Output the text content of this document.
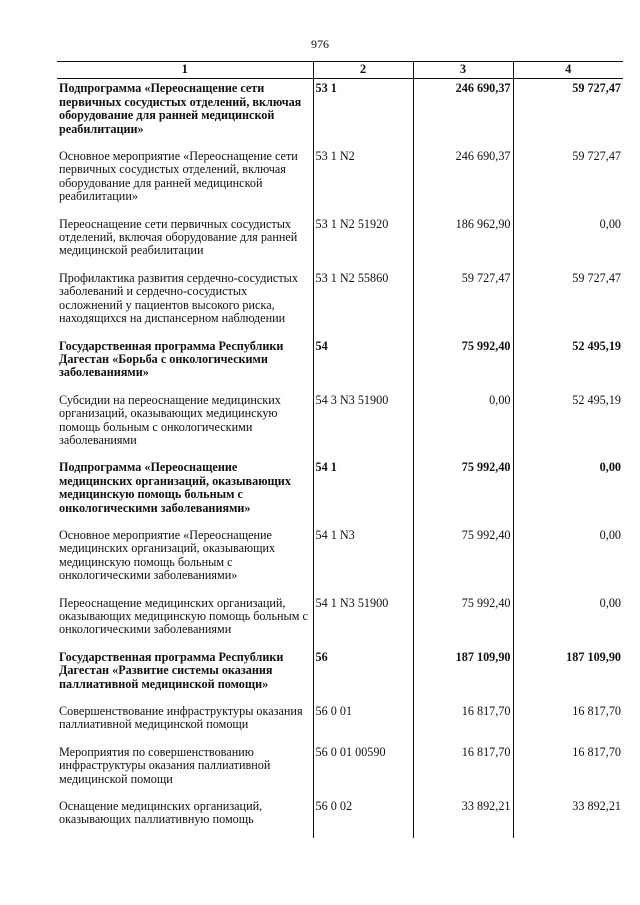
976
1	2	3	4
Подпрограмма «Переоснащение сети первичных сосудистых отделений, включая оборудование для ранней медицинской реабилитации»	53 1	246 690,37	59 727,47
Основное мероприятие «Переоснащение сети первичных сосудистых отделений, включая оборудование для ранней медицинской реабилитации»	53 1 N2	246 690,37	59 727,47
Переоснащение сети первичных сосудистых отделений, включая оборудование для ранней медицинской реабилитации	53 1 N2 51920	186 962,90	0,00
Профилактика развития сердечно-сосудистых заболеваний и сердечно-сосудистых осложнений у пациентов высокого риска, находящихся на диспансерном наблюдении	53 1 N2 55860	59 727,47	59 727,47
Государственная программа Республики Дагестан «Борьба с онкологическими заболеваниями»	54	75 992,40	52 495,19
Субсидии на переоснащение медицинских организаций, оказывающих медицинскую помощь больным с онкологическими заболеваниями	54 3 N3 51900	0,00	52 495,19
Подпрограмма «Переоснащение медицинских организаций, оказывающих медицинскую помощь больным с онкологическими заболеваниями»	54 1	75 992,40	0,00
Основное мероприятие «Переоснащение медицинских организаций, оказывающих медицинскую помощь больным с онкологическими заболеваниями»	54 1 N3	75 992,40	0,00
Переоснащение медицинских организаций, оказывающих медицинскую помощь больным с онкологическими заболеваниями	54 1 N3 51900	75 992,40	0,00
Государственная программа Республики Дагестан «Развитие системы оказания паллиативной медицинской помощи»	56	187 109,90	187 109,90
Совершенствование инфраструктуры оказания паллиативной медицинской помощи	56 0 01	16 817,70	16 817,70
Мероприятия по совершенствованию инфраструктуры оказания паллиативной медицинской помощи	56 0 01 00590	16 817,70	16 817,70
Оснащение медицинских организаций, оказывающих паллиативную помощь	56 0 02	33 892,21	33 892,21
